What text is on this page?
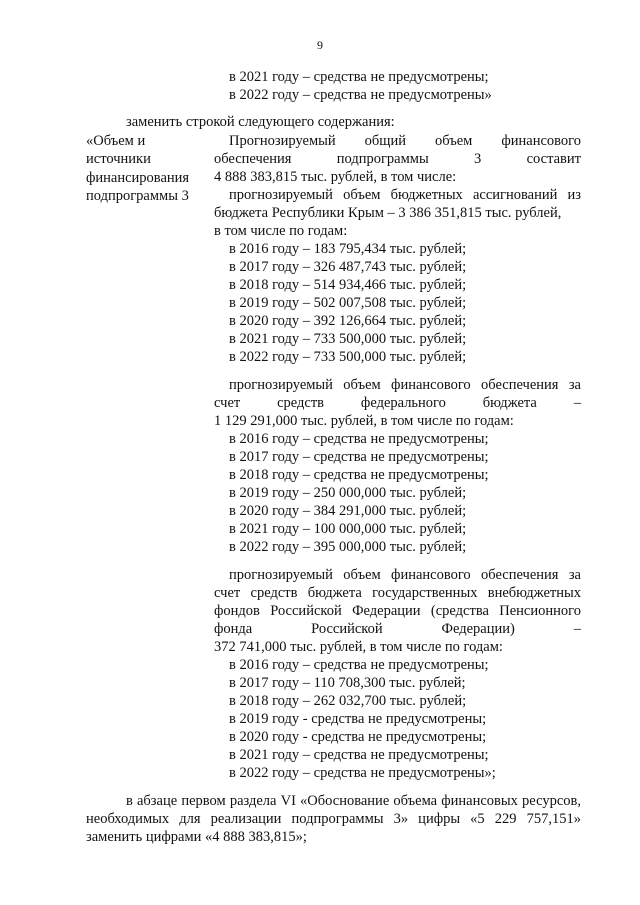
9
в 2021 году – средства не предусмотрены;
в 2022 году – средства не предусмотрены»
заменить строкой следующего содержания:
«Объем и
источники
финансирования
подпрограммы 3
Прогнозируемый общий объем финансового
обеспечения подпрограммы 3 составит
4 888 383,815 тыс. рублей, в том числе:
прогнозируемый объем бюджетных ассигнований из
бюджета Республики Крым – 3 386 351,815 тыс. рублей,
в том числе по годам:
в 2016 году – 183 795,434 тыс. рублей;
в 2017 году – 326 487,743 тыс. рублей;
в 2018 году – 514 934,466 тыс. рублей;
в 2019 году – 502 007,508 тыс. рублей;
в 2020 году – 392 126,664 тыс. рублей;
в 2021 году – 733 500,000 тыс. рублей;
в 2022 году – 733 500,000 тыс. рублей;
прогнозируемый объем финансового обеспечения за
счет средств федерального бюджета –
1 129 291,000 тыс. рублей, в том числе по годам:
в 2016 году – средства не предусмотрены;
в 2017 году – средства не предусмотрены;
в 2018 году – средства не предусмотрены;
в 2019 году – 250 000,000 тыс. рублей;
в 2020 году – 384 291,000 тыс. рублей;
в 2021 году – 100 000,000 тыс. рублей;
в 2022 году – 395 000,000 тыс. рублей;
прогнозируемый объем финансового обеспечения за
счет средств бюджета государственных внебюджетных
фондов Российской Федерации (средства Пенсионного
фонда Российской Федерации) –
372 741,000 тыс. рублей, в том числе по годам:
в 2016 году – средства не предусмотрены;
в 2017 году – 110 708,300 тыс. рублей;
в 2018 году – 262 032,700 тыс. рублей;
в 2019 году - средства не предусмотрены;
в 2020 году - средства не предусмотрены;
в 2021 году – средства не предусмотрены;
в 2022 году – средства не предусмотрены»;
в абзаце первом раздела VI «Обоснование объема финансовых ресурсов,
необходимых для реализации подпрограммы 3» цифры «5 229 757,151»
заменить цифрами «4 888 383,815»;
